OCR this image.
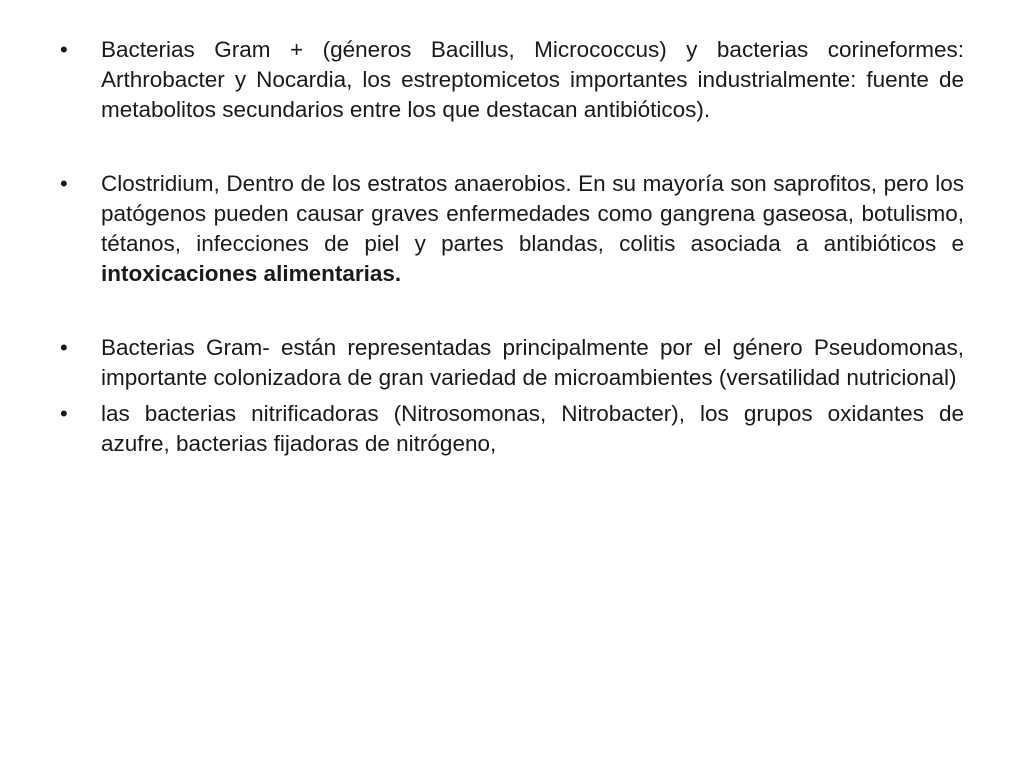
•	Bacterias Gram + (géneros Bacillus, Micrococcus) y bacterias corineformes: Arthrobacter y Nocardia, los estreptomicetos importantes industrialmente: fuente de metabolitos secundarios entre los que destacan antibióticos).
•	Clostridium, Dentro de los estratos anaerobios. En su mayoría son saprofitos, pero los patógenos pueden causar graves enfermedades como gangrena gaseosa, botulismo, tétanos, infecciones de piel y partes blandas, colitis asociada a antibióticos e intoxicaciones alimentarias.
•	Bacterias Gram- están representadas principalmente por el género Pseudomonas, importante colonizadora de gran variedad de microambientes (versatilidad nutricional)
•	las bacterias nitrificadoras (Nitrosomonas, Nitrobacter), los grupos oxidantes de azufre, bacterias fijadoras de nitrógeno,
